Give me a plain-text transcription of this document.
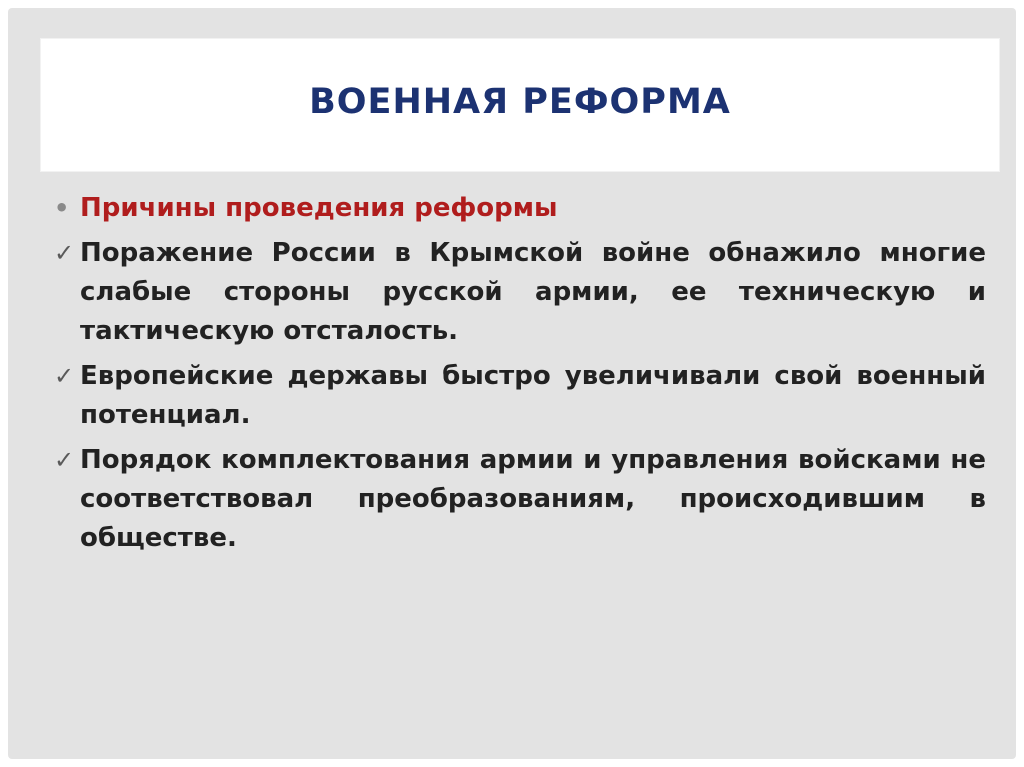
ВОЕННАЯ РЕФОРМА
• Причины проведения реформы
✓ Поражение России в Крымской войне обнажило многие слабые стороны русской армии, ее техническую и тактическую отсталость.
✓ Европейские державы быстро увеличивали свой военный потенциал.
✓ Порядок комплектования армии и управления войсками не соответствовал преобразованиям, происходившим в обществе.
